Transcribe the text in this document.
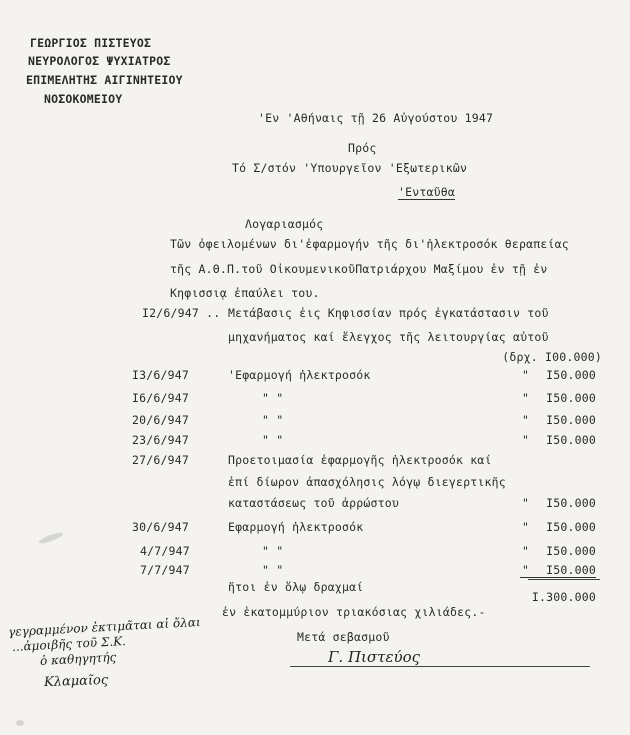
ΓΕΩΡΓΙΟΣ ΠΙΣΤΕΥΟΣ
ΝΕΥΡΟΛΟΓΟΣ ΨΥΧΙΑΤΡΟΣ
ΕΠΙΜΕΛΗΤΗΣ ΑΙΓΙΝΗΤΕΙΟΥ
ΝΟΣΟΚΟΜΕΙΟΥ
'Εν 'Αθήναις τῇ 26 Αὐγούστου 1947
Πρός
Τό Σ/στόν 'Υπουργεῖον 'Εξωτερικῶν
'Ενταῦθα
Λογαριασμός
Τῶν ὀφειλομένων δι'ἐφαρμογήν τῆς δι'ἠλεκτροσόκ θεραπείας
τῆς Α.Θ.Π.τοῦ ΟἰκουμενικοῦΠατριάρχου Μαξίμου ἐν τῇ ἐν
Κηφισσιᾳ ἐπαύλει του.
I2/6/947 .. Μετάβασις ἐις Κηφισσίαν πρός ἐγκατάστασιν τοῦ
μηχανήματος καί ἔλεγχος τῆς λειτουργίας αὐτοῦ
(δρχ. I00.000)
I3/6/947	'Εφαρμογή ἠλεκτροσόκ	"	I50.000
I6/6/947	" "	"	I50.000
20/6/947	" "	"	I50.000
23/6/947	" "	"	I50.000
27/6/947	Προετοιμασία ἐφαρμογῆς ἠλεκτροσόκ καί
ἐπί δίωρον ἀπασχόλησις λόγῳ διεγερτικῆς
καταστάσεως τοῦ ἀρρώστου	"	I50.000
30/6/947	Εφαρμογή ἠλεκτροσόκ	"	I50.000
4/7/947	" "	"	I50.000
7/7/947	" "	"	I50.000
ἤτοι ἐν ὅλῳ δραχμαί
I.300.000
ἐν ἑκατομμύριον τριακόσιας χιλιάδες.-
Μετά σεβασμοῦ
Γ. Πιστεύος
γεγραμμένον ἐκτιμᾶται αἱ ὄλαι
...ἀμοιβῆς τοῦ Σ.Κ.
ὁ καθηγητής
Κλαμαῖος
